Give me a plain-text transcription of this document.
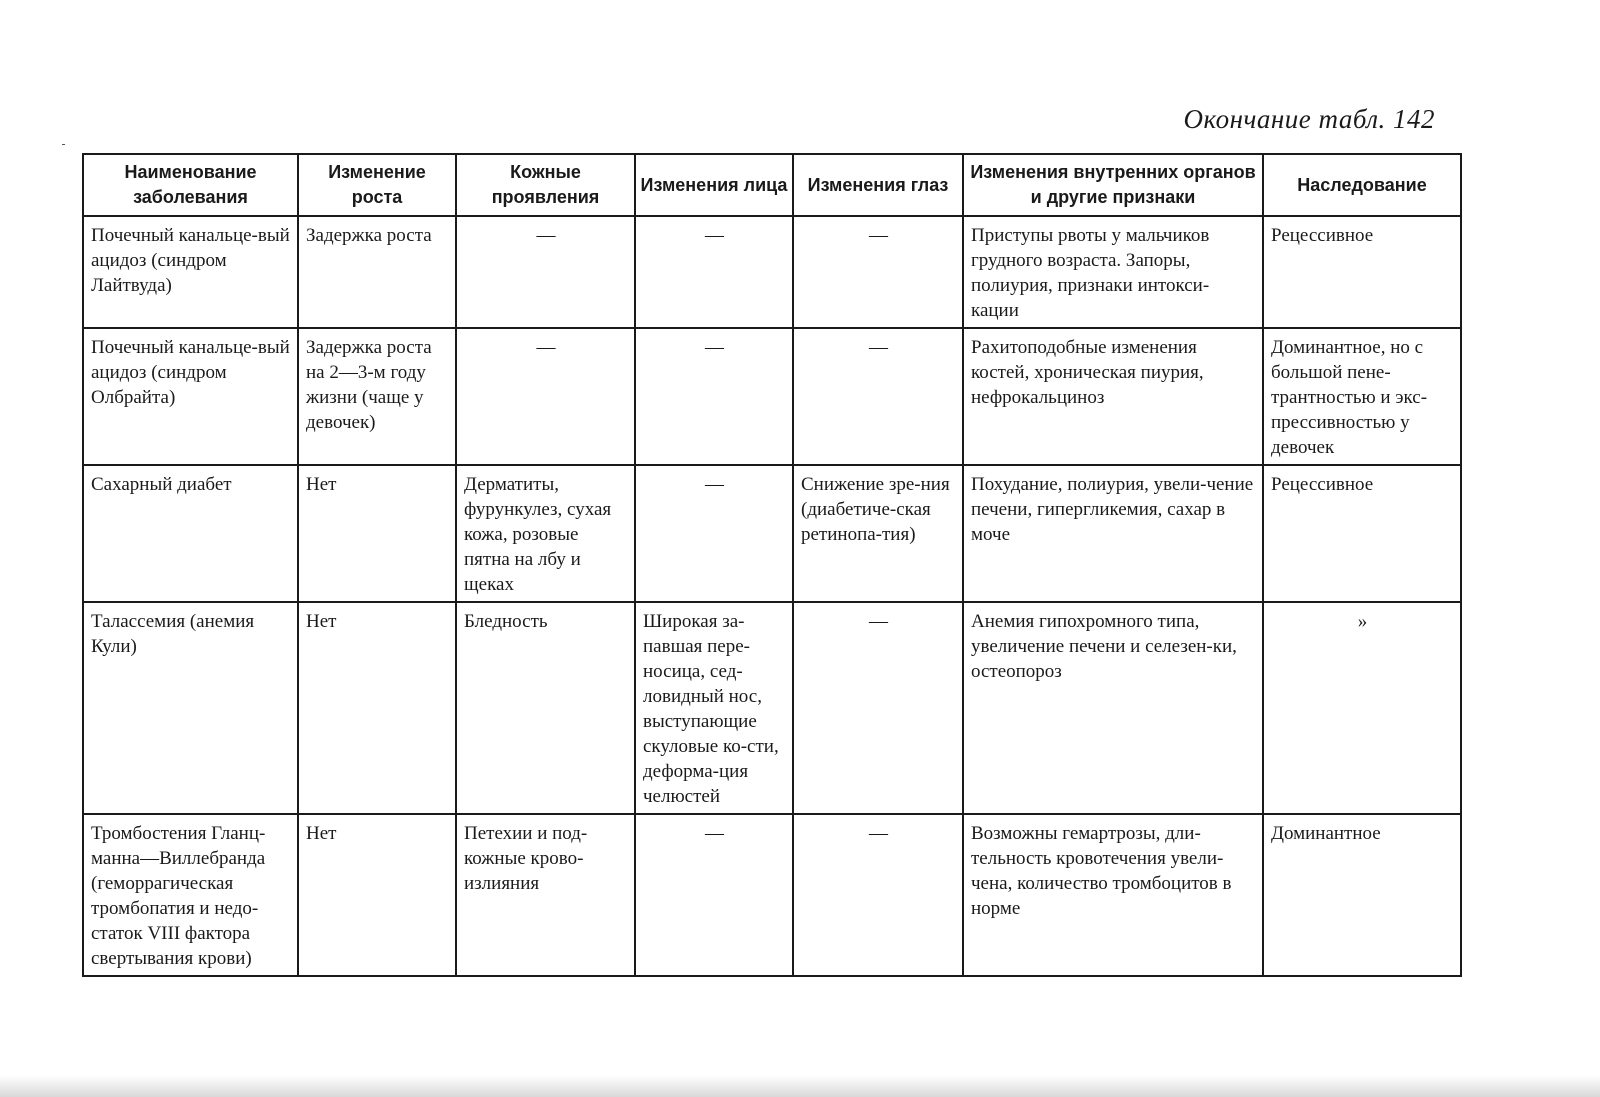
Окончание табл. 142
Наименование заболевания	Изменение роста	Кожные проявления	Изменения лица	Изменения глаз	Изменения внутренних органов и другие признаки	Наследование
Почечный канальце-вый ацидоз (синдром Лайтвуда)	Задержка роста	—	—	—	Приступы рвоты у мальчиков грудного возраста. Запоры, полиурия, признаки интокси-кации	Рецессивное
Почечный канальце-вый ацидоз (синдром Олбрайта)	Задержка роста на 2—3-м году жизни (чаще у девочек)	—	—	—	Рахитоподобные изменения костей, хроническая пиурия, нефрокальциноз	Доминантное, но с большой пене-трантностью и экс-прессивностью у девочек
Сахарный диабет	Нет	Дерматиты, фурункулез, сухая кожа, розовые пятна на лбу и щеках	—	Снижение зре-ния (диабетиче-ская ретинопа-тия)	Похудание, полиурия, увели-чение печени, гипергликемия, сахар в моче	Рецессивное
Талассемия (анемия Кули)	Нет	Бледность	Широкая за-павшая пере-носица, сед-ловидный нос, выступающие скуловые ко-сти, деформа-ция челюстей	—	Анемия гипохромного типа, увеличение печени и селезен-ки, остеопороз	»
Тромбостения Гланц-манна—Виллебранда (геморрагическая тромбопатия и недо-статок VIII фактора свертывания крови)	Нет	Петехии и под-кожные крово-излияния	—	—	Возможны гемартрозы, дли-тельность кровотечения увели-чена, количество тромбоцитов в норме	Доминантное
